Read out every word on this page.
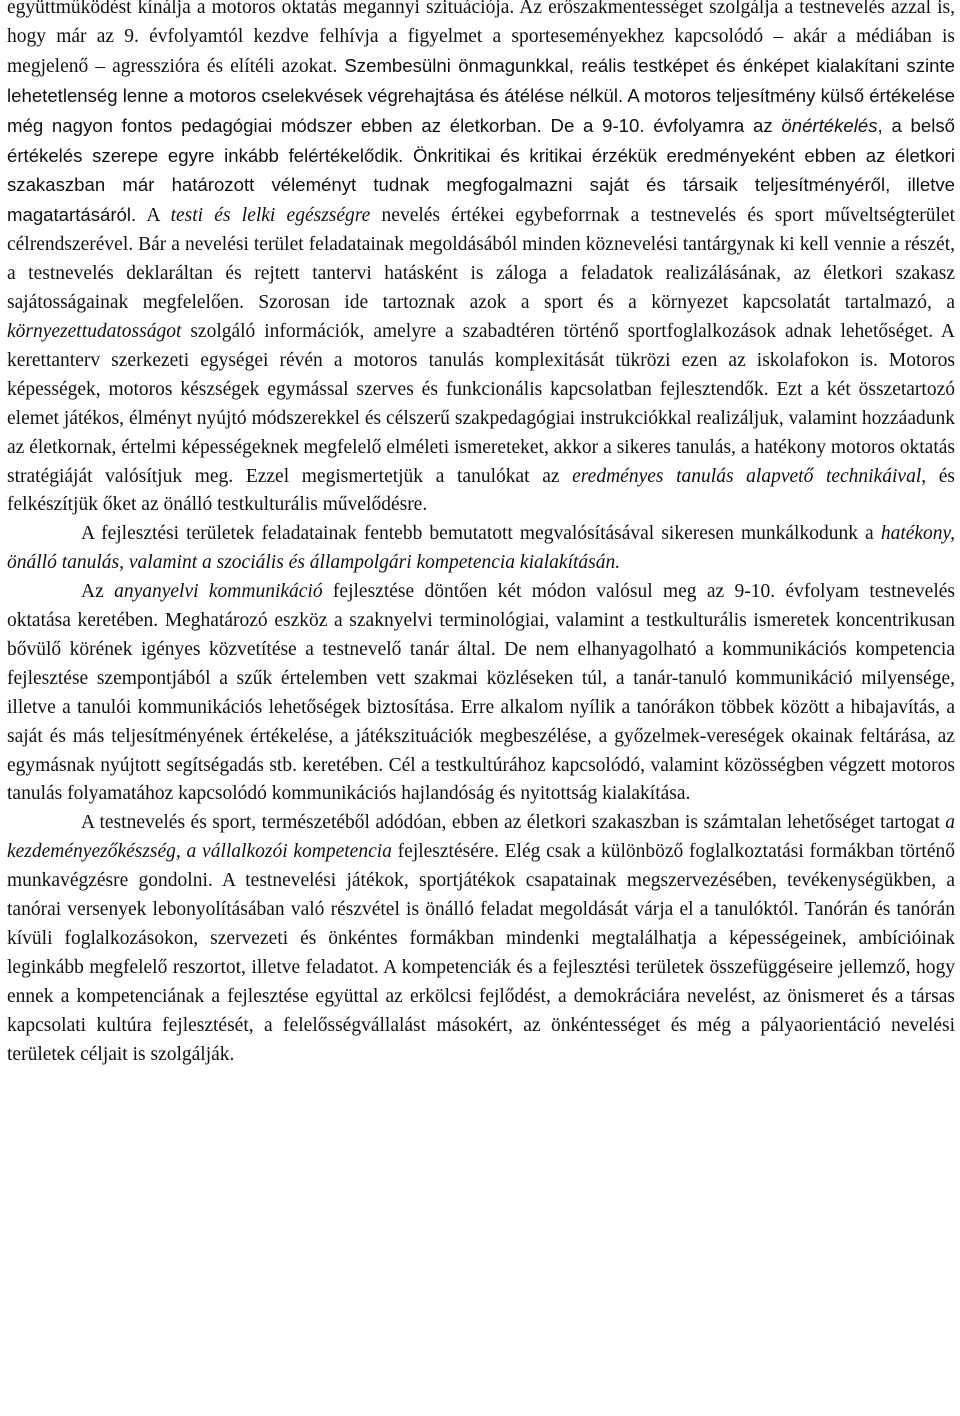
együttműködést kínálja a motoros oktatás megannyi szituációja. Az erőszakmentességet szolgálja a testnevelés azzal is, hogy már az 9. évfolyamtól kezdve felhívja a figyelmet a sporteseményekhez kapcsolódó – akár a médiában is megjelenő – agresszióra és elítéli azokat. Szembesülni önmagunkkal, reális testképet és énképet kialakítani szinte lehetetlenség lenne a motoros cselekvések végrehajtása és átélése nélkül. A motoros teljesítmény külső értékelése még nagyon fontos pedagógiai módszer ebben az életkorban. De a 9-10. évfolyamra az önértékelés, a belső értékelés szerepe egyre inkább felértékelődik. Önkritikai és kritikai érzékük eredményeként ebben az életkori szakaszban már határozott véleményt tudnak megfogalmazni saját és társaik teljesítményéről, illetve magatartásáról. A testi és lelki egészségre nevelés értékei egybeforrnak a testnevelés és sport műveltségterület célrendszerével. Bár a nevelési terület feladatainak megoldásából minden köznevelési tantárgynak ki kell vennie a részét, a testnevelés deklaráltan és rejtett tantervi hatásként is záloga a feladatok realizálásának, az életkori szakasz sajátosságainak megfelelően. Szorosan ide tartoznak azok a sport és a környezet kapcsolatát tartalmazó, a környezettudatosságot szolgáló információk, amelyre a szabadtéren történő sportfoglalkozások adnak lehetőséget. A kerettanterv szerkezeti egységei révén a motoros tanulás komplexitását tükrözi ezen az iskolafokon is. Motoros képességek, motoros készségek egymással szerves és funkcionális kapcsolatban fejlesztendők. Ezt a két összetartozó elemet játékos, élményt nyújtó módszerekkel és célszerű szakpedagógiai instrukciókkal realizáljuk, valamint hozzáadunk az életkornak, értelmi képességeknek megfelelő elméleti ismereteket, akkor a sikeres tanulás, a hatékony motoros oktatás stratégiáját valósítjuk meg. Ezzel megismertetjük a tanulókat az eredményes tanulás alapvető technikáival, és felkészítjük őket az önálló testkulturális művelődésre.

A fejlesztési területek feladatainak fentebb bemutatott megvalósításával sikeresen munkálkodunk a hatékony, önálló tanulás, valamint a szociális és állampolgári kompetencia kialakításán.

Az anyanyelvi kommunikáció fejlesztése döntően két módon valósul meg az 9-10. évfolyam testnevelés oktatása keretében. Meghatározó eszköz a szaknyelvi terminológiai, valamint a testkulturális ismeretek koncentrikusan bővülő körének igényes közvetítése a testnevelő tanár által. De nem elhanyagolható a kommunikációs kompetencia fejlesztése szempontjából a szűk értelemben vett szakmai közléseken túl, a tanár-tanuló kommunikáció milyensége, illetve a tanulói kommunikációs lehetőségek biztosítása. Erre alkalom nyílik a tanórákon többek között a hibajavítás, a saját és más teljesítményének értékelése, a játékszituációk megbeszélése, a győzelmek-vereségek okainak feltárása, az egymásnak nyújtott segítségadás stb. keretében. Cél a testkultúrához kapcsolódó, valamint közösségben végzett motoros tanulás folyamatához kapcsolódó kommunikációs hajlandóság és nyitottság kialakítása.

A testnevelés és sport, természetéből adódóan, ebben az életkori szakaszban is számtalan lehetőséget tartogat a kezdeményezőkészség, a vállalkozói kompetencia fejlesztésére. Elég csak a különböző foglalkoztatási formákban történő munkavégzésre gondolni. A testnevelési játékok, sportjátékok csapatainak megszervezésében, tevékenységükben, a tanórai versenyek lebonyolításában való részvétel is önálló feladat megoldását várja el a tanulóktól. Tanórán és tanórán kívüli foglalkozásokon, szervezeti és önkéntes formákban mindenki megtalálhatja a képességeinek, ambícióinak leginkább megfelelő reszortot, illetve feladatot. A kompetenciák és a fejlesztési területek összefüggéseire jellemző, hogy ennek a kompetenciának a fejlesztése együttal az erkölcsi fejlődést, a demokráciára nevelést, az önismeret és a társas kapcsolati kultúra fejlesztését, a felelősségvállalást másokért, az önkéntességet és még a pályaorientáció nevelési területek céljait is szolgálják.
